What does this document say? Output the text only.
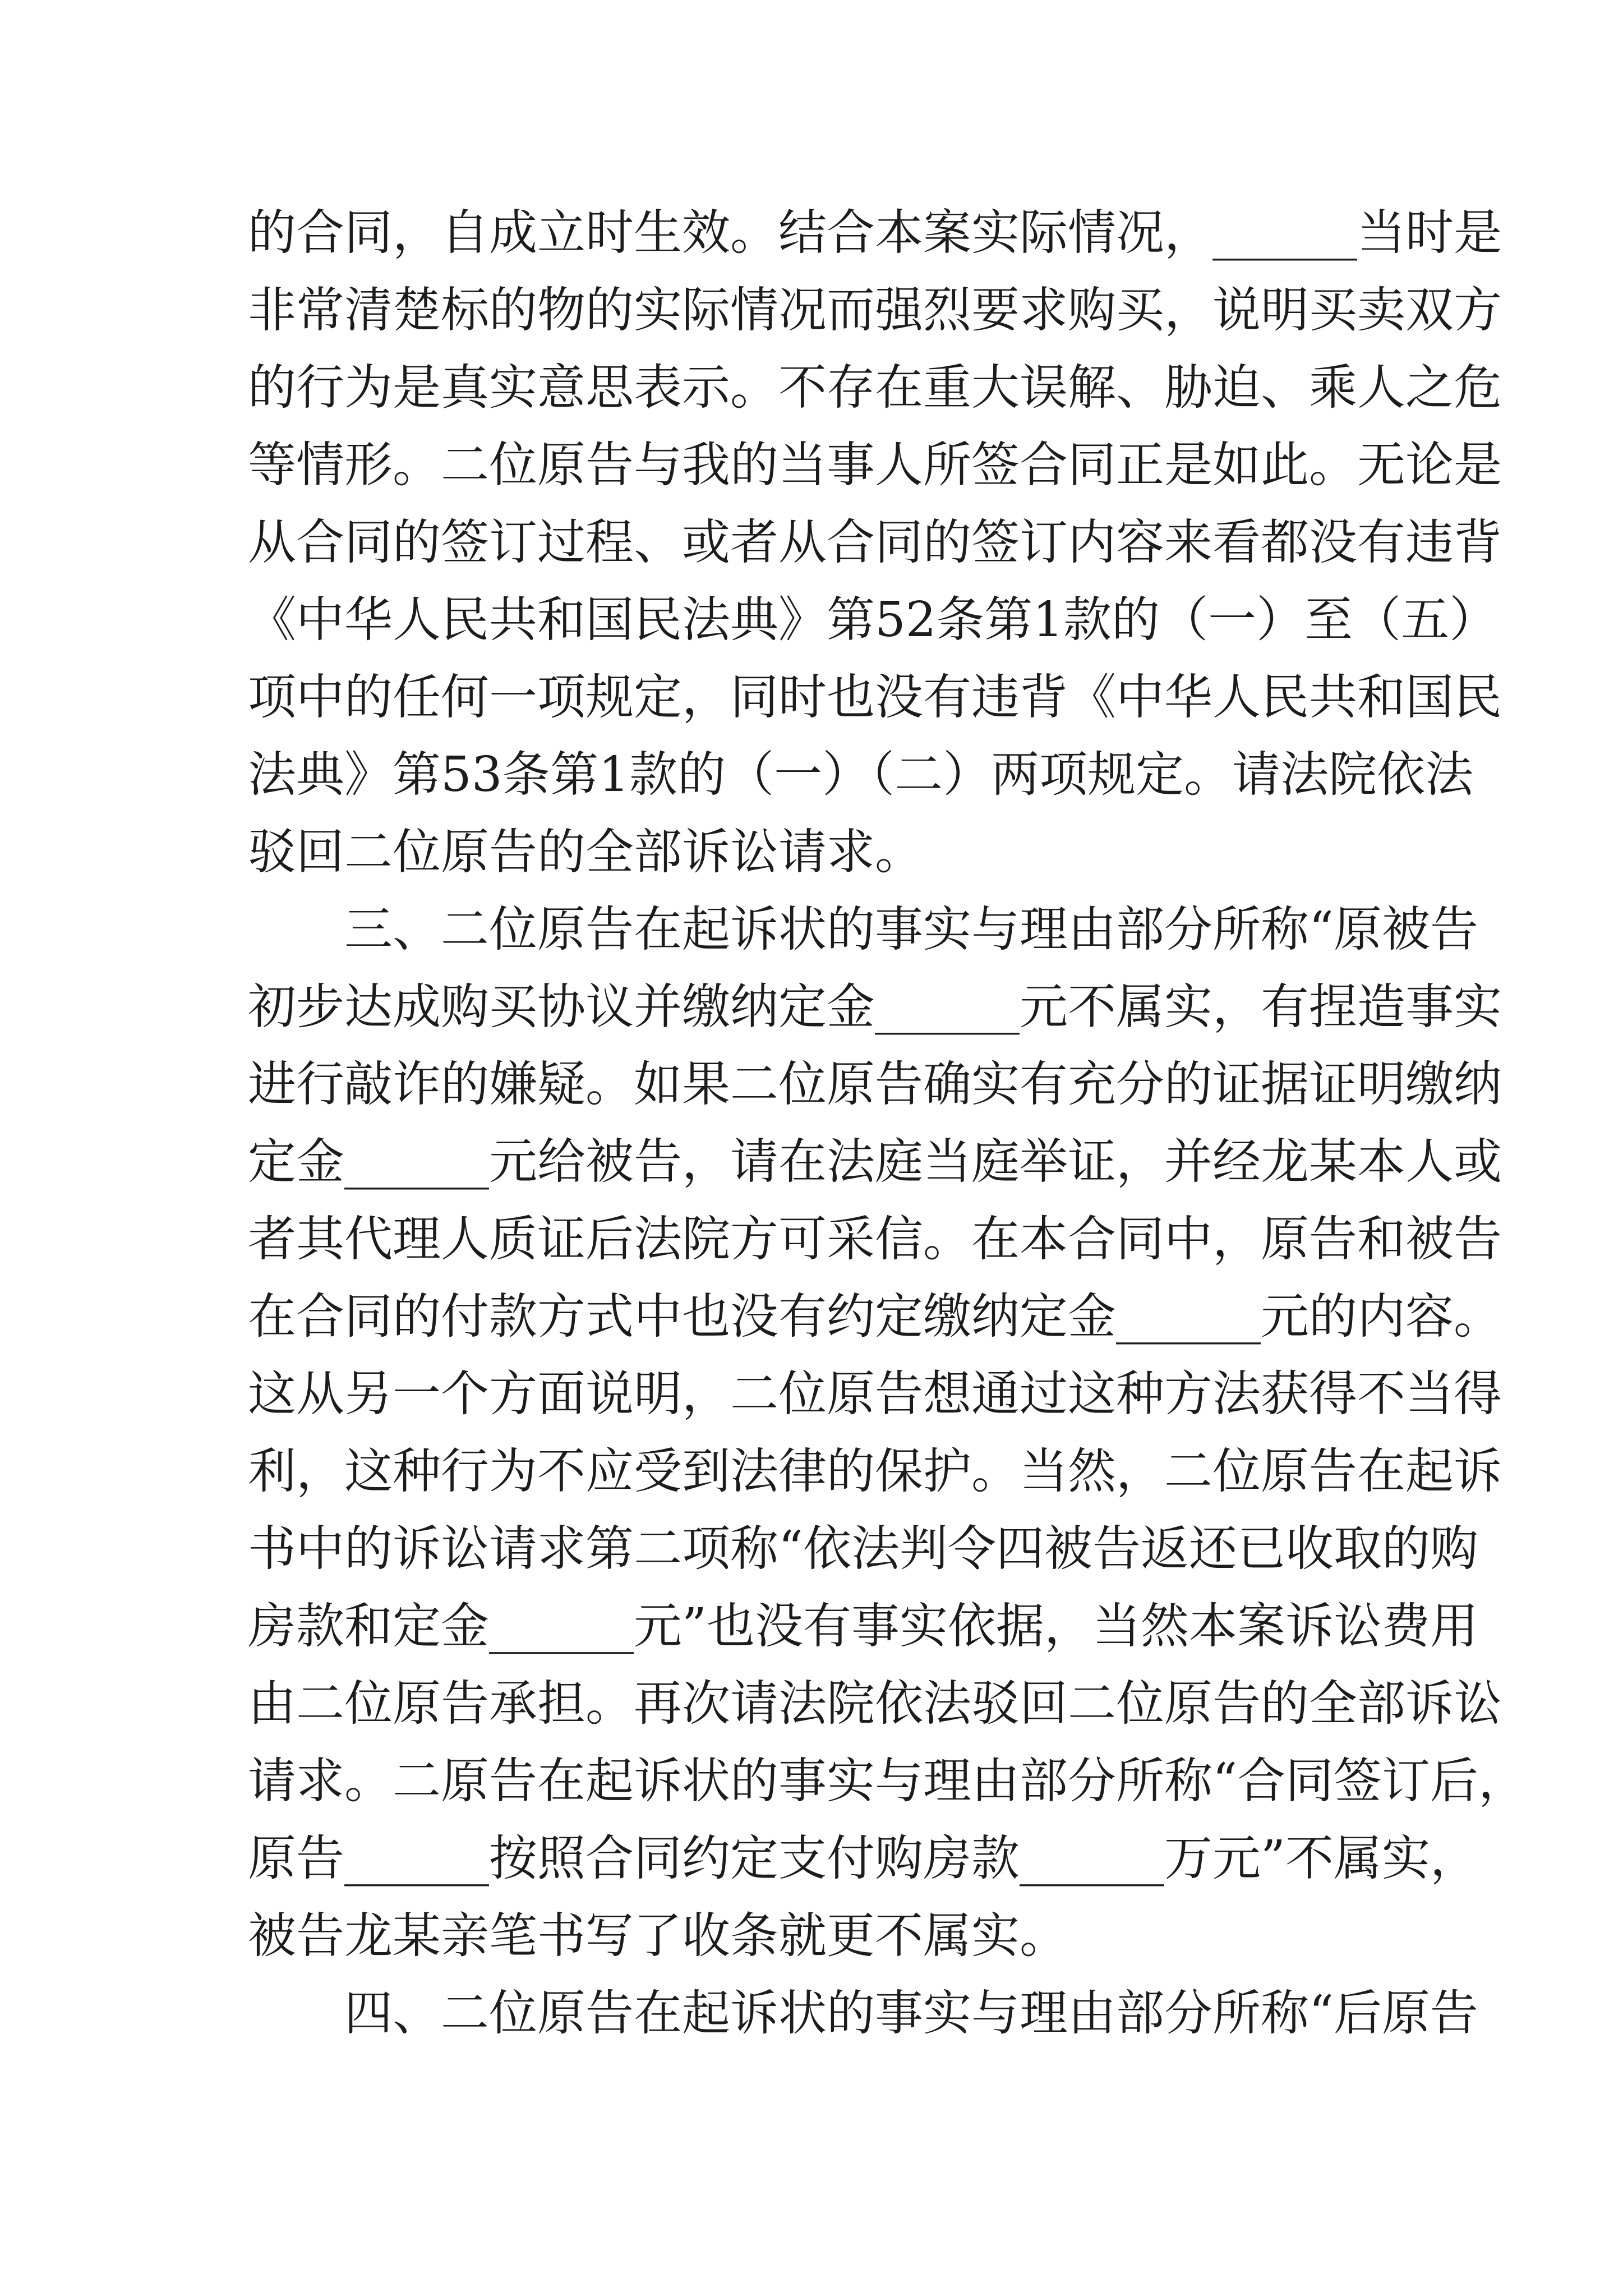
的合同，自成立时生效。结合本案实际情况，______当时是
非常清楚标的物的实际情况而强烈要求购买，说明买卖双方
的行为是真实意思表示。不存在重大误解、胁迫、乘人之危
等情形。二位原告与我的当事人所签合同正是如此。无论是
从合同的签订过程、或者从合同的签订内容来看都没有违背
《中华人民共和国民法典》第52条第1款的（一）至（五）
项中的任何一项规定，同时也没有违背《中华人民共和国民
法典》第53条第1款的（一）（二）两项规定。请法院依法
驳回二位原告的全部诉讼请求。
三、二位原告在起诉状的事实与理由部分所称“原被告
初步达成购买协议并缴纳定金______元不属实，有捏造事实
进行敲诈的嫌疑。如果二位原告确实有充分的证据证明缴纳
定金______元给被告，请在法庭当庭举证，并经龙某本人或
者其代理人质证后法院方可采信。在本合同中，原告和被告
在合同的付款方式中也没有约定缴纳定金______元的内容。
这从另一个方面说明，二位原告想通过这种方法获得不当得
利，这种行为不应受到法律的保护。当然，二位原告在起诉
书中的诉讼请求第二项称“依法判令四被告返还已收取的购
房款和定金______元”也没有事实依据，当然本案诉讼费用
由二位原告承担。再次请法院依法驳回二位原告的全部诉讼
请求。二原告在起诉状的事实与理由部分所称“合同签订后，
原告______按照合同约定支付购房款______万元”不属实，
被告龙某亲笔书写了收条就更不属实。
四、二位原告在起诉状的事实与理由部分所称“后原告
